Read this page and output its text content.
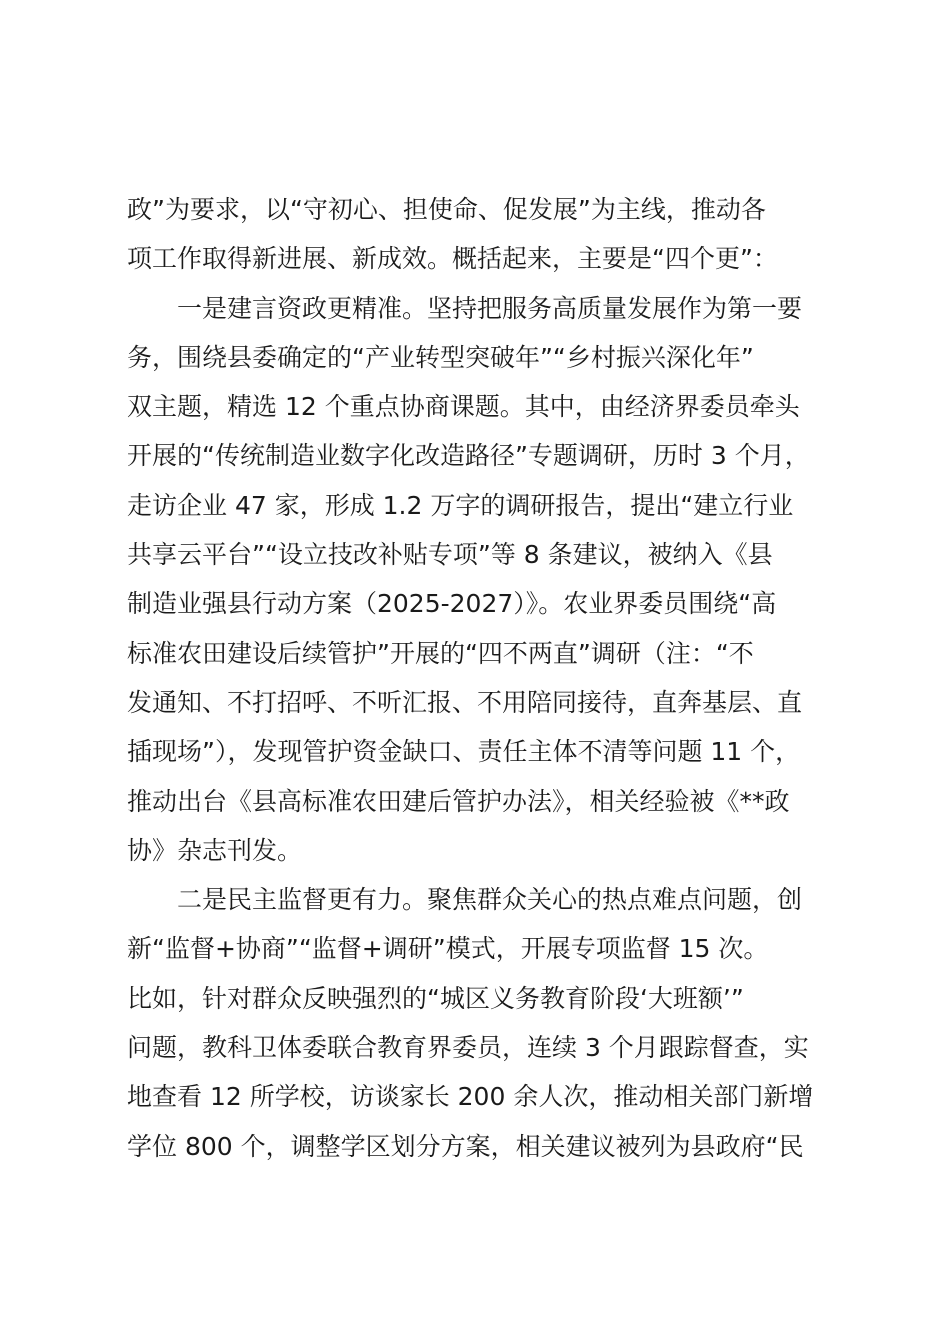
政”为要求，以“守初心、担使命、促发展”为主线，推动各
项工作取得新进展、新成效。概括起来，主要是“四个更”：
　　一是建言资政更精准。坚持把服务高质量发展作为第一要
务，围绕县委确定的“产业转型突破年”“乡村振兴深化年”
双主题，精选 12 个重点协商课题。其中，由经济界委员牵头
开展的“传统制造业数字化改造路径”专题调研，历时 3 个月，
走访企业 47 家，形成 1.2 万字的调研报告，提出“建立行业
共享云平台”“设立技改补贴专项”等 8 条建议，被纳入《县
制造业强县行动方案（2025-2027）》。农业界委员围绕“高
标准农田建设后续管护”开展的“四不两直”调研（注：“不
发通知、不打招呼、不听汇报、不用陪同接待，直奔基层、直
插现场”），发现管护资金缺口、责任主体不清等问题 11 个，
推动出台《县高标准农田建后管护办法》，相关经验被《**政
协》杂志刊发。
　　二是民主监督更有力。聚焦群众关心的热点难点问题，创
新“监督+协商”“监督+调研”模式，开展专项监督 15 次。
比如，针对群众反映强烈的“城区义务教育阶段‘大班额’”
问题，教科卫体委联合教育界委员，连续 3 个月跟踪督查，实
地查看 12 所学校，访谈家长 200 余人次，推动相关部门新增
学位 800 个，调整学区划分方案，相关建议被列为县政府“民
